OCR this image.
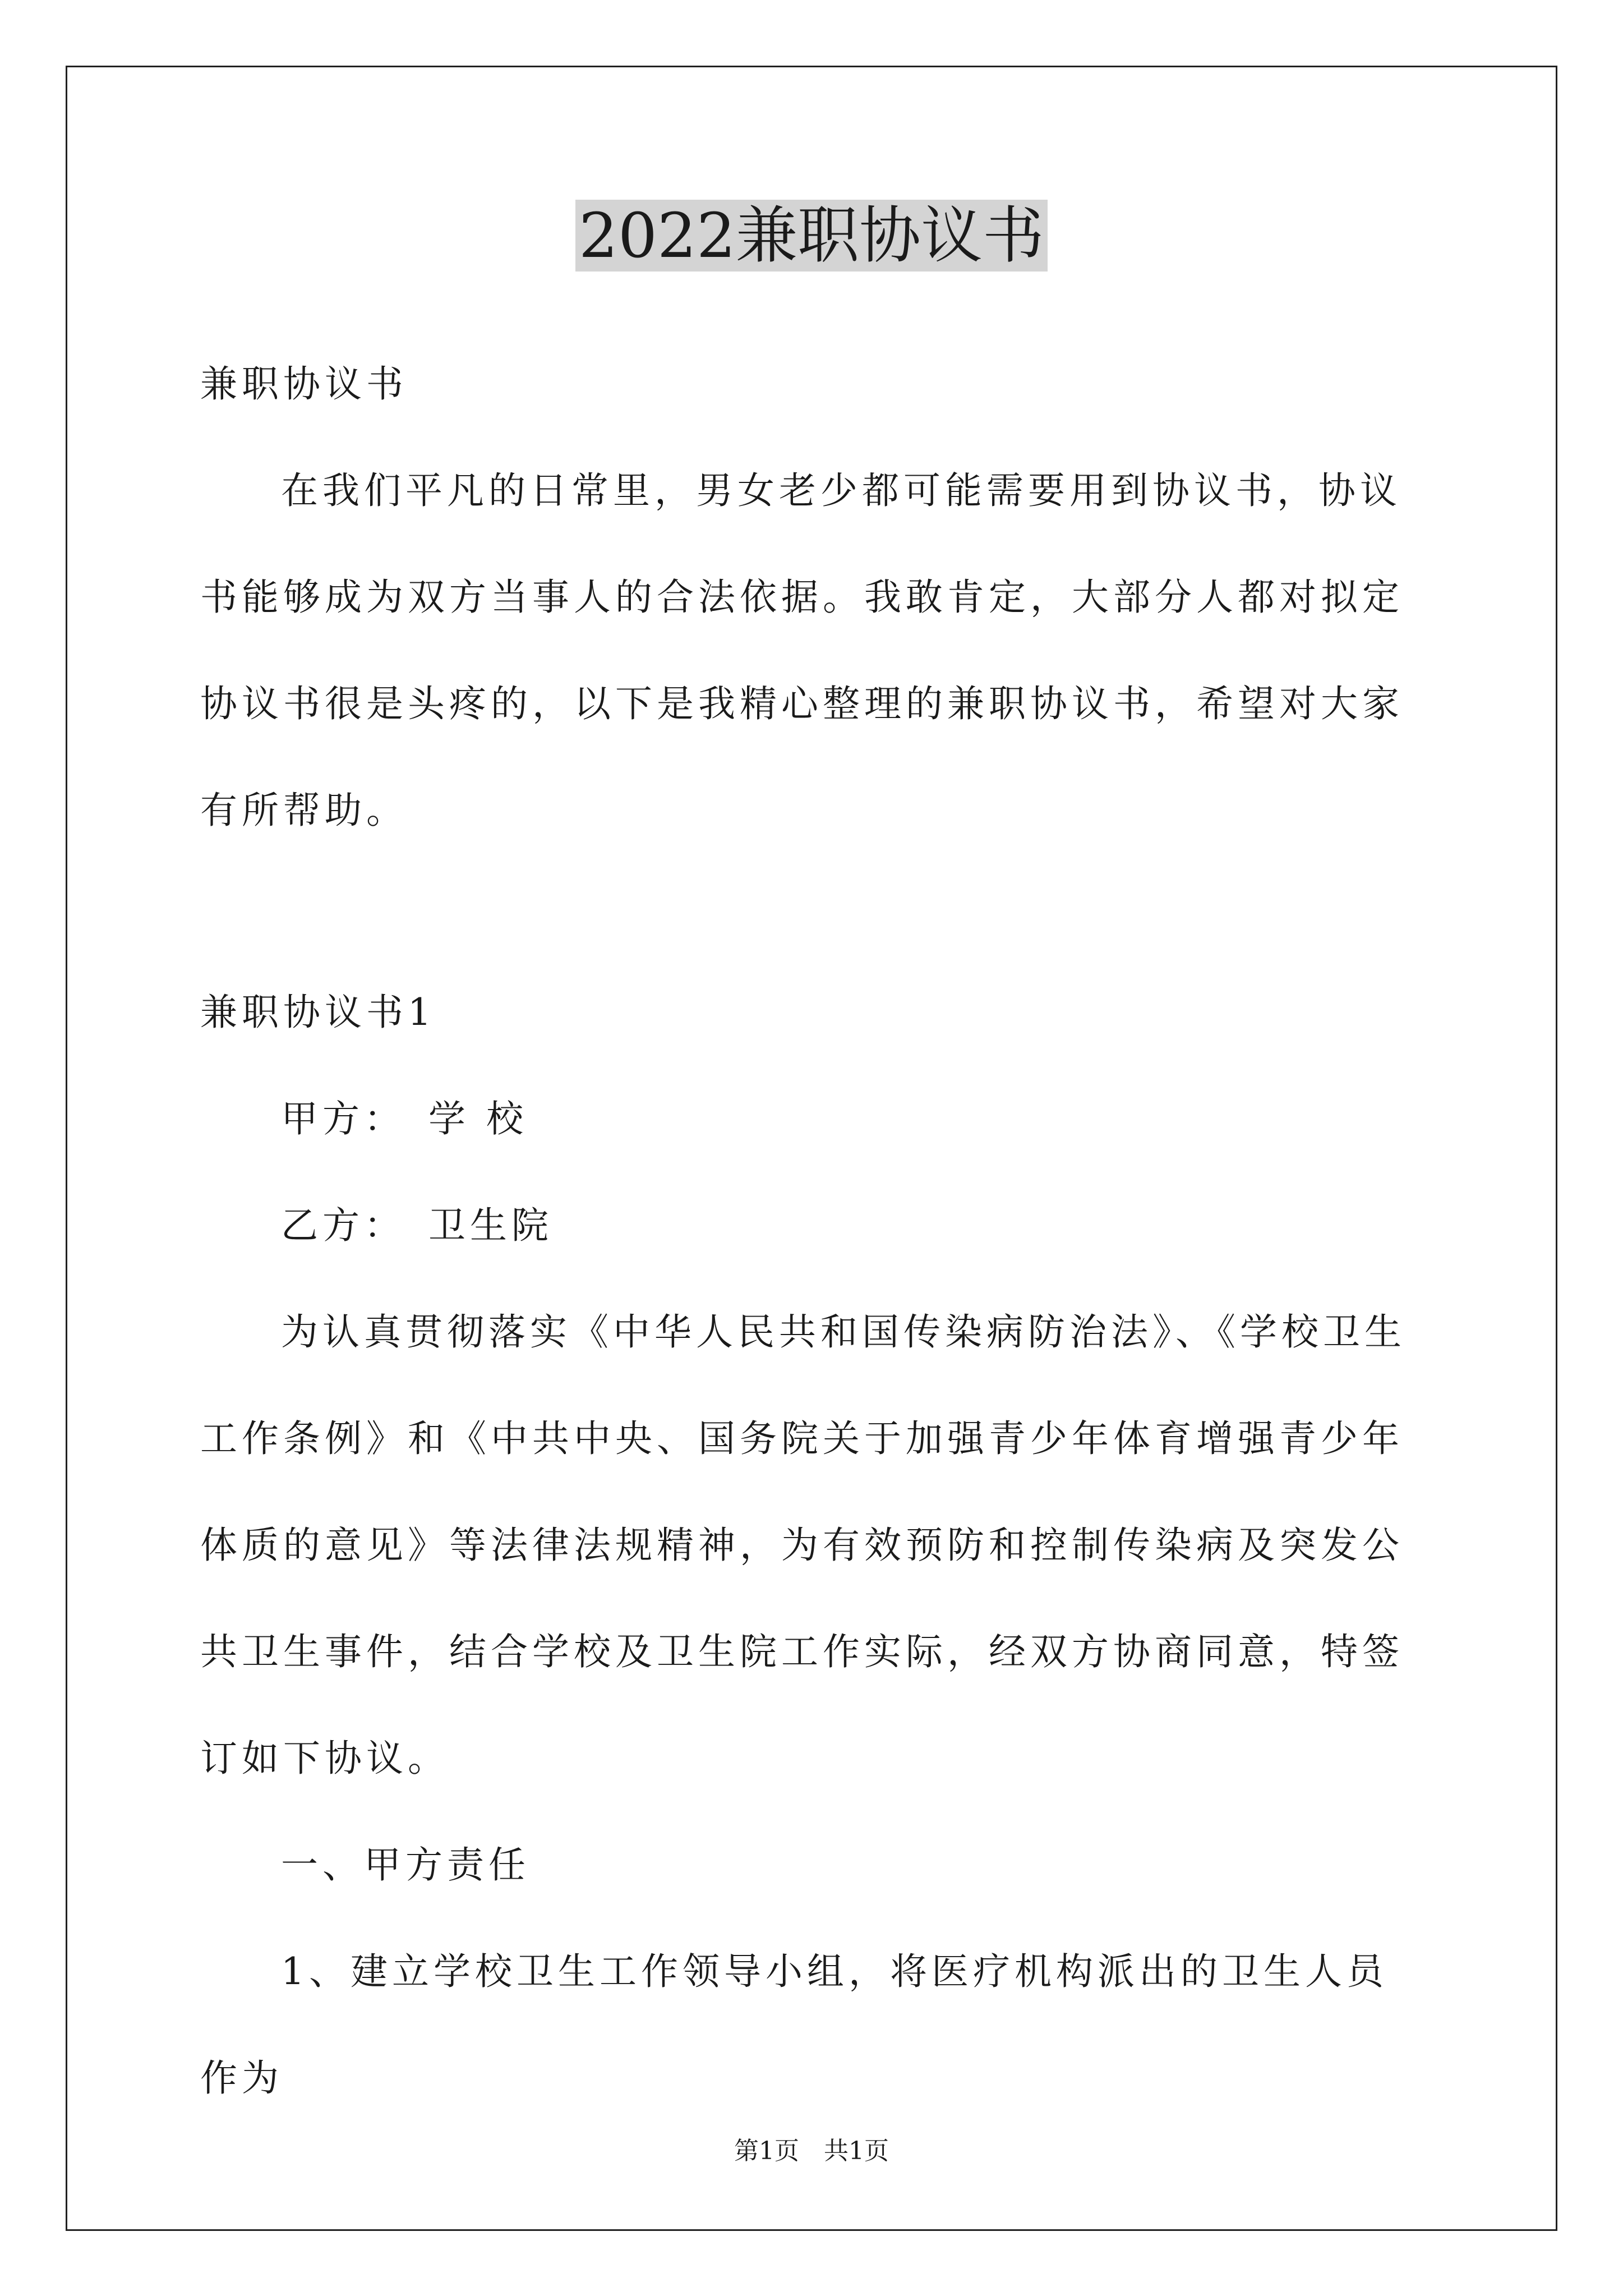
2022兼职协议书

兼职协议书

在我们平凡的日常里，男女老少都可能需要用到协议书，协议书能够成为双方当事人的合法依据。我敢肯定，大部分人都对拟定协议书很是头疼的，以下是我精心整理的兼职协议书，希望对大家有所帮助。

兼职协议书1

甲方：　学 校

乙方：　卫生院

为认真贯彻落实《中华人民共和国传染病防治法》、《学校卫生工作条例》和《中共中央、国务院关于加强青少年体育增强青少年体质的意见》等法律法规精神，为有效预防和控制传染病及突发公共卫生事件，结合学校及卫生院工作实际，经双方协商同意，特签订如下协议。

一、甲方责任

1、建立学校卫生工作领导小组，将医疗机构派出的卫生人员作为

第1页　共1页
